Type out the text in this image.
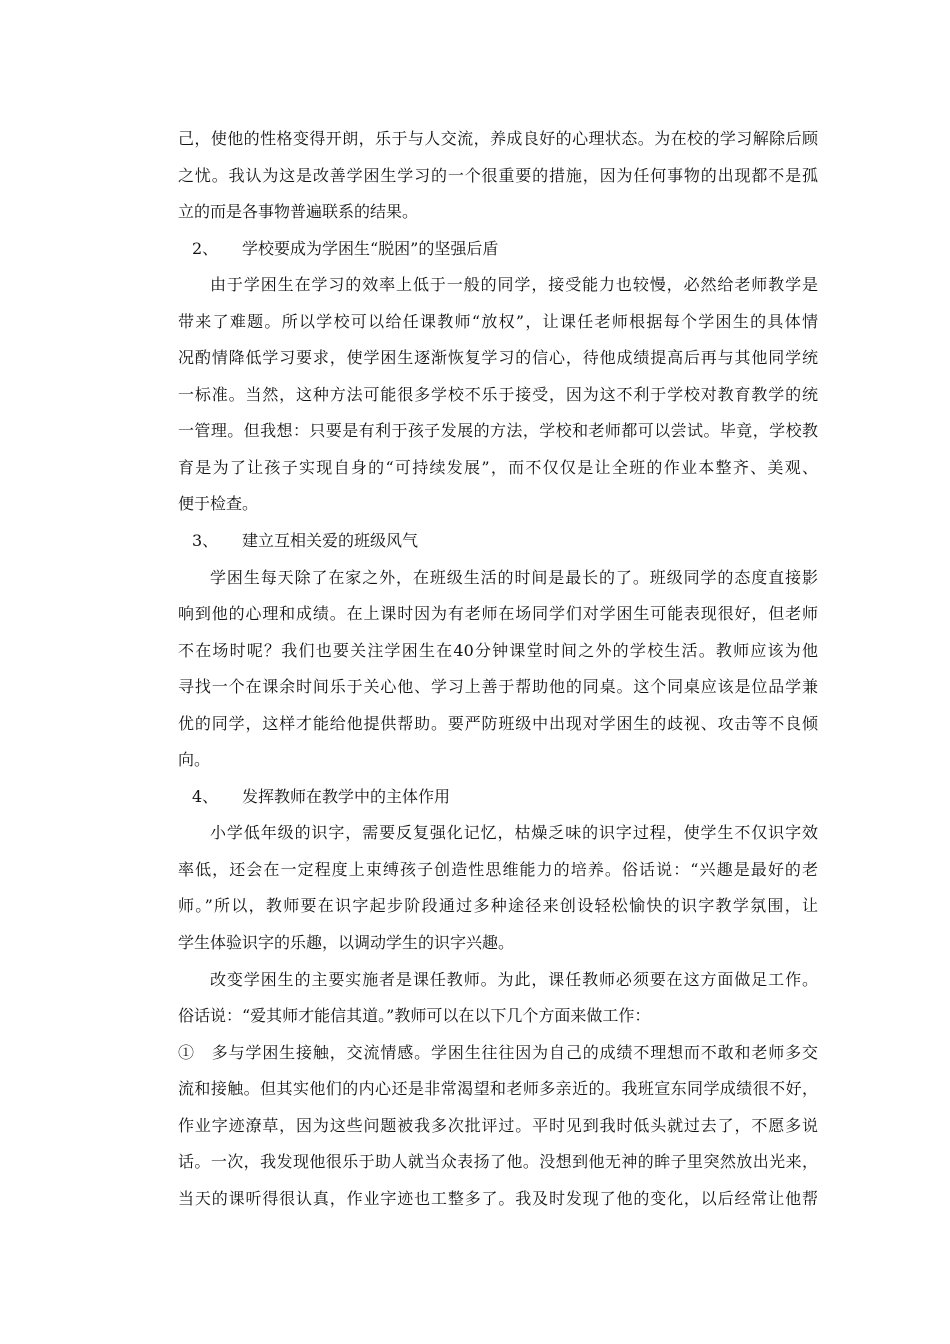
己，使他的性格变得开朗，乐于与人交流，养成良好的心理状态。为在校的学习解除后顾
之忧。我认为这是改善学困生学习的一个很重要的措施，因为任何事物的出现都不是孤
立的而是各事物普遍联系的结果。
2、 学校要成为学困生“脱困”的坚强后盾
由于学困生在学习的效率上低于一般的同学，接受能力也较慢，必然给老师教学是
带来了难题。所以学校可以给任课教师“放权”，让课任老师根据每个学困生的具体情
况酌情降低学习要求，使学困生逐渐恢复学习的信心，待他成绩提高后再与其他同学统
一标准。当然，这种方法可能很多学校不乐于接受，因为这不利于学校对教育教学的统
一管理。但我想：只要是有利于孩子发展的方法，学校和老师都可以尝试。毕竟，学校教
育是为了让孩子实现自身的“可持续发展”，而不仅仅是让全班的作业本整齐、美观、
便于检查。
3、 建立互相关爱的班级风气
学困生每天除了在家之外，在班级生活的时间是最长的了。班级同学的态度直接影
响到他的心理和成绩。在上课时因为有老师在场同学们对学困生可能表现很好，但老师
不在场时呢？我们也要关注学困生在40分钟课堂时间之外的学校生活。教师应该为他
寻找一个在课余时间乐于关心他、学习上善于帮助他的同桌。这个同桌应该是位品学兼
优的同学，这样才能给他提供帮助。要严防班级中出现对学困生的歧视、攻击等不良倾
向。
4、 发挥教师在教学中的主体作用
小学低年级的识字，需要反复强化记忆，枯燥乏味的识字过程，使学生不仅识字效
率低，还会在一定程度上束缚孩子创造性思维能力的培养。俗话说：“兴趣是最好的老
师。”所以，教师要在识字起步阶段通过多种途径来创设轻松愉快的识字教学氛围，让
学生体验识字的乐趣，以调动学生的识字兴趣。
改变学困生的主要实施者是课任教师。为此，课任教师必须要在这方面做足工作。
俗话说：“爱其师才能信其道。”教师可以在以下几个方面来做工作：
①　多与学困生接触，交流情感。学困生往往因为自己的成绩不理想而不敢和老师多交
流和接触。但其实他们的内心还是非常渴望和老师多亲近的。我班宣东同学成绩很不好，
作业字迹潦草，因为这些问题被我多次批评过。平时见到我时低头就过去了，不愿多说
话。一次，我发现他很乐于助人就当众表扬了他。没想到他无神的眸子里突然放出光来，
当天的课听得很认真，作业字迹也工整多了。我及时发现了他的变化，以后经常让他帮
